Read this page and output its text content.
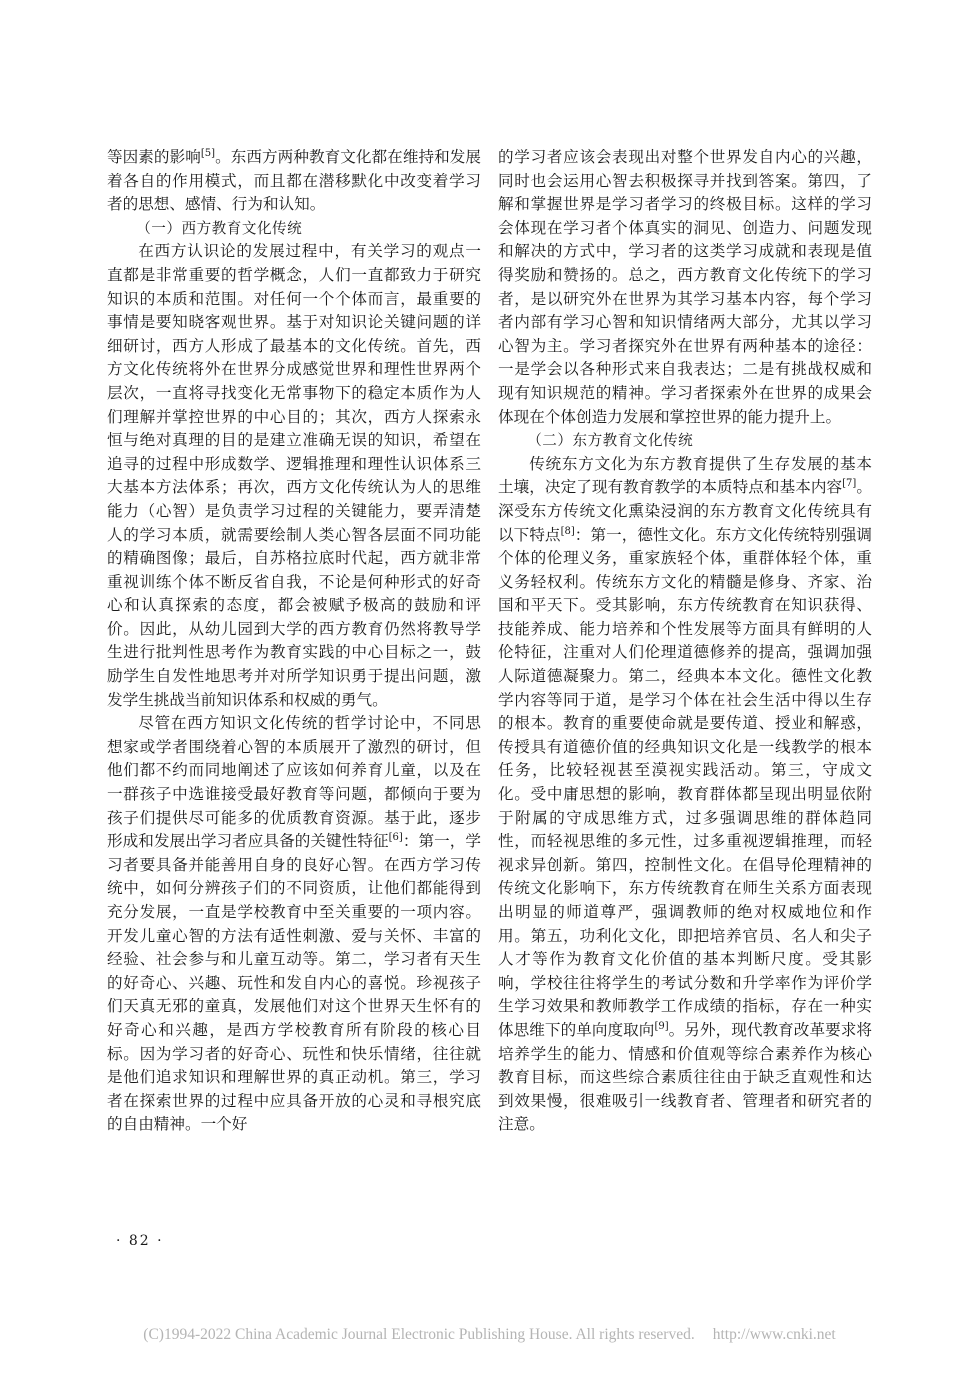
等因素的影响[5]。东西方两种教育文化都在维持和发展着各自的作用模式，而且都在潜移默化中改变着学习者的思想、感情、行为和认知。

（一）西方教育文化传统

在西方认识论的发展过程中，有关学习的观点一直都是非常重要的哲学概念，人们一直都致力于研究知识的本质和范围。对任何一个个体而言，最重要的事情是要知晓客观世界。基于对知识论关键问题的详细研讨，西方人形成了最基本的文化传统。首先，西方文化传统将外在世界分成感觉世界和理性世界两个层次，一直将寻找变化无常事物下的稳定本质作为人们理解并掌控世界的中心目的；其次，西方人探索永恒与绝对真理的目的是建立准确无误的知识，希望在追寻的过程中形成数学、逻辑推理和理性认识体系三大基本方法体系；再次，西方文化传统认为人的思维能力（心智）是负责学习过程的关键能力，要弄清楚人的学习本质，就需要绘制人类心智各层面不同功能的精确图像；最后，自苏格拉底时代起，西方就非常重视训练个体不断反省自我，不论是何种形式的好奇心和认真探索的态度，都会被赋予极高的鼓励和评价。因此，从幼儿园到大学的西方教育仍然将教导学生进行批判性思考作为教育实践的中心目标之一，鼓励学生自发性地思考并对所学知识勇于提出问题，激发学生挑战当前知识体系和权威的勇气。

尽管在西方知识文化传统的哲学讨论中，不同思想家或学者围绕着心智的本质展开了激烈的研讨，但他们都不约而同地阐述了应该如何养育儿童，以及在一群孩子中选谁接受最好教育等问题，都倾向于要为孩子们提供尽可能多的优质教育资源。基于此，逐步形成和发展出学习者应具备的关键性特征[6]：第一，学习者要具备并能善用自身的良好心智。在西方学习传统中，如何分辨孩子们的不同资质，让他们都能得到充分发展，一直是学校教育中至关重要的一项内容。开发儿童心智的方法有适性刺激、爱与关怀、丰富的经验、社会参与和儿童互动等。第二，学习者有天生的好奇心、兴趣、玩性和发自内心的喜悦。珍视孩子们天真无邪的童真，发展他们对这个世界天生怀有的好奇心和兴趣，是西方学校教育所有阶段的核心目标。因为学习者的好奇心、玩性和快乐情绪，往往就是他们追求知识和理解世界的真正动机。第三，学习者在探索世界的过程中应具备开放的心灵和寻根究底的自由精神。一个好

的学习者应该会表现出对整个世界发自内心的兴趣，同时也会运用心智去积极探寻并找到答案。第四，了解和掌握世界是学习者学习的终极目标。这样的学习会体现在学习者个体真实的洞见、创造力、问题发现和解决的方式中，学习者的这类学习成就和表现是值得奖励和赞扬的。总之，西方教育文化传统下的学习者，是以研究外在世界为其学习基本内容，每个学习者内部有学习心智和知识情绪两大部分，尤其以学习心智为主。学习者探究外在世界有两种基本的途径：一是学会以各种形式来自我表达；二是有挑战权威和现有知识规范的精神。学习者探索外在世界的成果会体现在个体创造力发展和掌控世界的能力提升上。

（二）东方教育文化传统

传统东方文化为东方教育提供了生存发展的基本土壤，决定了现有教育教学的本质特点和基本内容[7]。深受东方传统文化熏染浸润的东方教育文化传统具有以下特点[8]：第一，德性文化。东方文化传统特别强调个体的伦理义务，重家族轻个体，重群体轻个体，重义务轻权利。传统东方文化的精髓是修身、齐家、治国和平天下。受其影响，东方传统教育在知识获得、技能养成、能力培养和个性发展等方面具有鲜明的人伦特征，注重对人们伦理道德修养的提高，强调加强人际道德凝聚力。第二，经典本本文化。德性文化教学内容等同于道，是学习个体在社会生活中得以生存的根本。教育的重要使命就是要传道、授业和解惑，传授具有道德价值的经典知识文化是一线教学的根本任务，比较轻视甚至漠视实践活动。第三，守成文化。受中庸思想的影响，教育群体都呈现出明显依附于附属的守成思维方式，过多强调思维的群体趋同性，而轻视思维的多元性，过多重视逻辑推理，而轻视求异创新。第四，控制性文化。在倡导伦理精神的传统文化影响下，东方传统教育在师生关系方面表现出明显的师道尊严，强调教师的绝对权威地位和作用。第五，功利化文化，即把培养官员、名人和尖子人才等作为教育文化价值的基本判断尺度。受其影响，学校往往将学生的考试分数和升学率作为评价学生学习效果和教师教学工作成绩的指标，存在一种实体思维下的单向度取向[9]。另外，现代教育改革要求将培养学生的能力、情感和价值观等综合素养作为核心教育目标，而这些综合素质往往由于缺乏直观性和达到效果慢，很难吸引一线教育者、管理者和研究者的注意。

· 82 ·
(C)1994-2022 China Academic Journal Electronic Publishing House. All rights reserved. http://www.cnki.net
